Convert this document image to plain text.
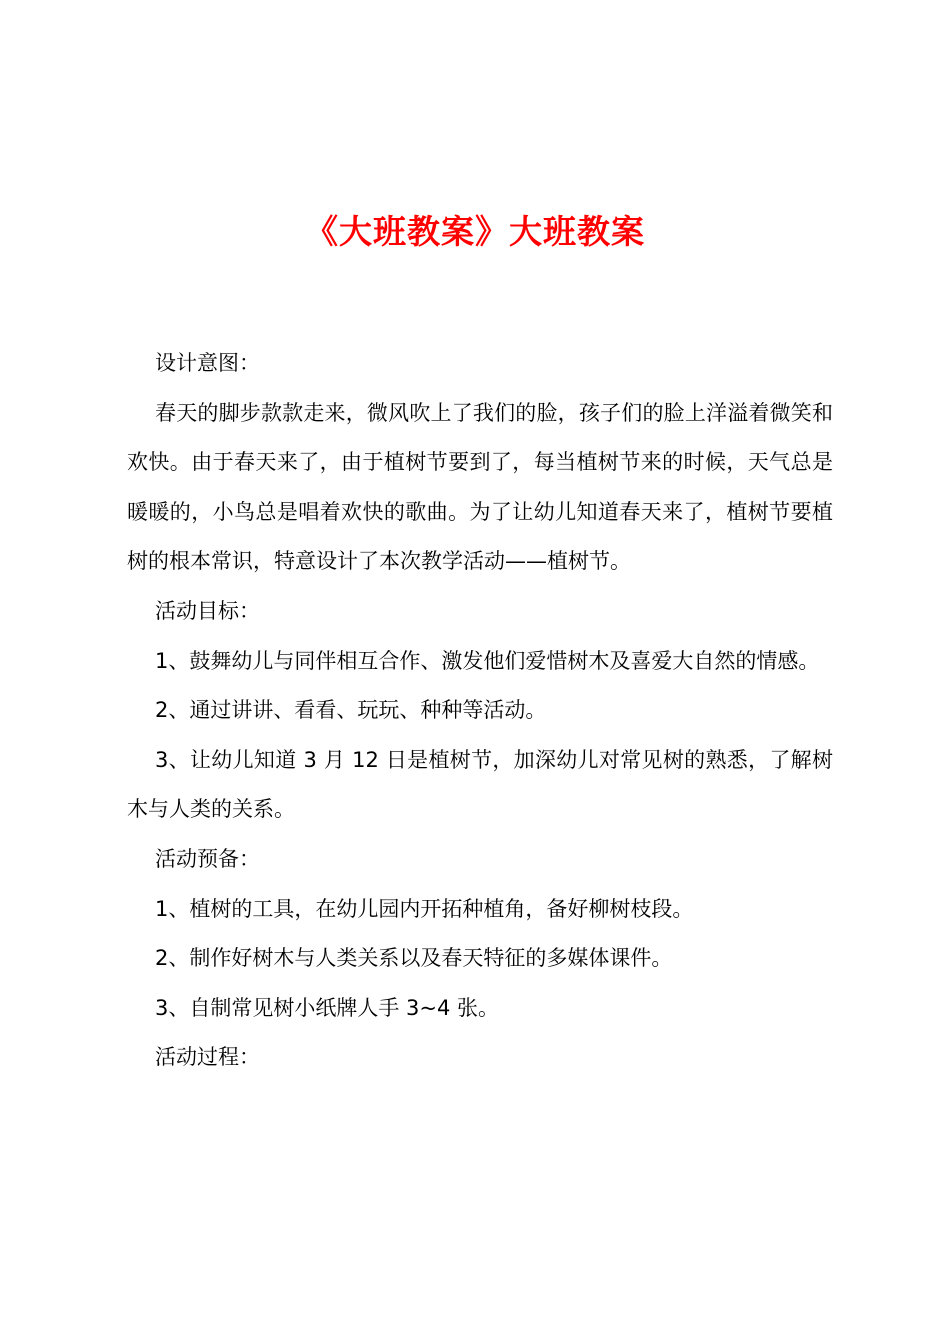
《大班教案》大班教案

设计意图：

春天的脚步款款走来，微风吹上了我们的脸，孩子们的脸上洋溢着微笑和欢快。由于春天来了，由于植树节要到了，每当植树节来的时候，天气总是暖暖的，小鸟总是唱着欢快的歌曲。为了让幼儿知道春天来了，植树节要植树的根本常识，特意设计了本次教学活动——植树节。

活动目标：

1、鼓舞幼儿与同伴相互合作、激发他们爱惜树木及喜爱大自然的情感。

2、通过讲讲、看看、玩玩、种种等活动。

3、让幼儿知道 3 月 12 日是植树节，加深幼儿对常见树的熟悉，了解树木与人类的关系。

活动预备：

1、植树的工具，在幼儿园内开拓种植角，备好柳树枝段。

2、制作好树木与人类关系以及春天特征的多媒体课件。

3、自制常见树小纸牌人手 3~4 张。

活动过程：
